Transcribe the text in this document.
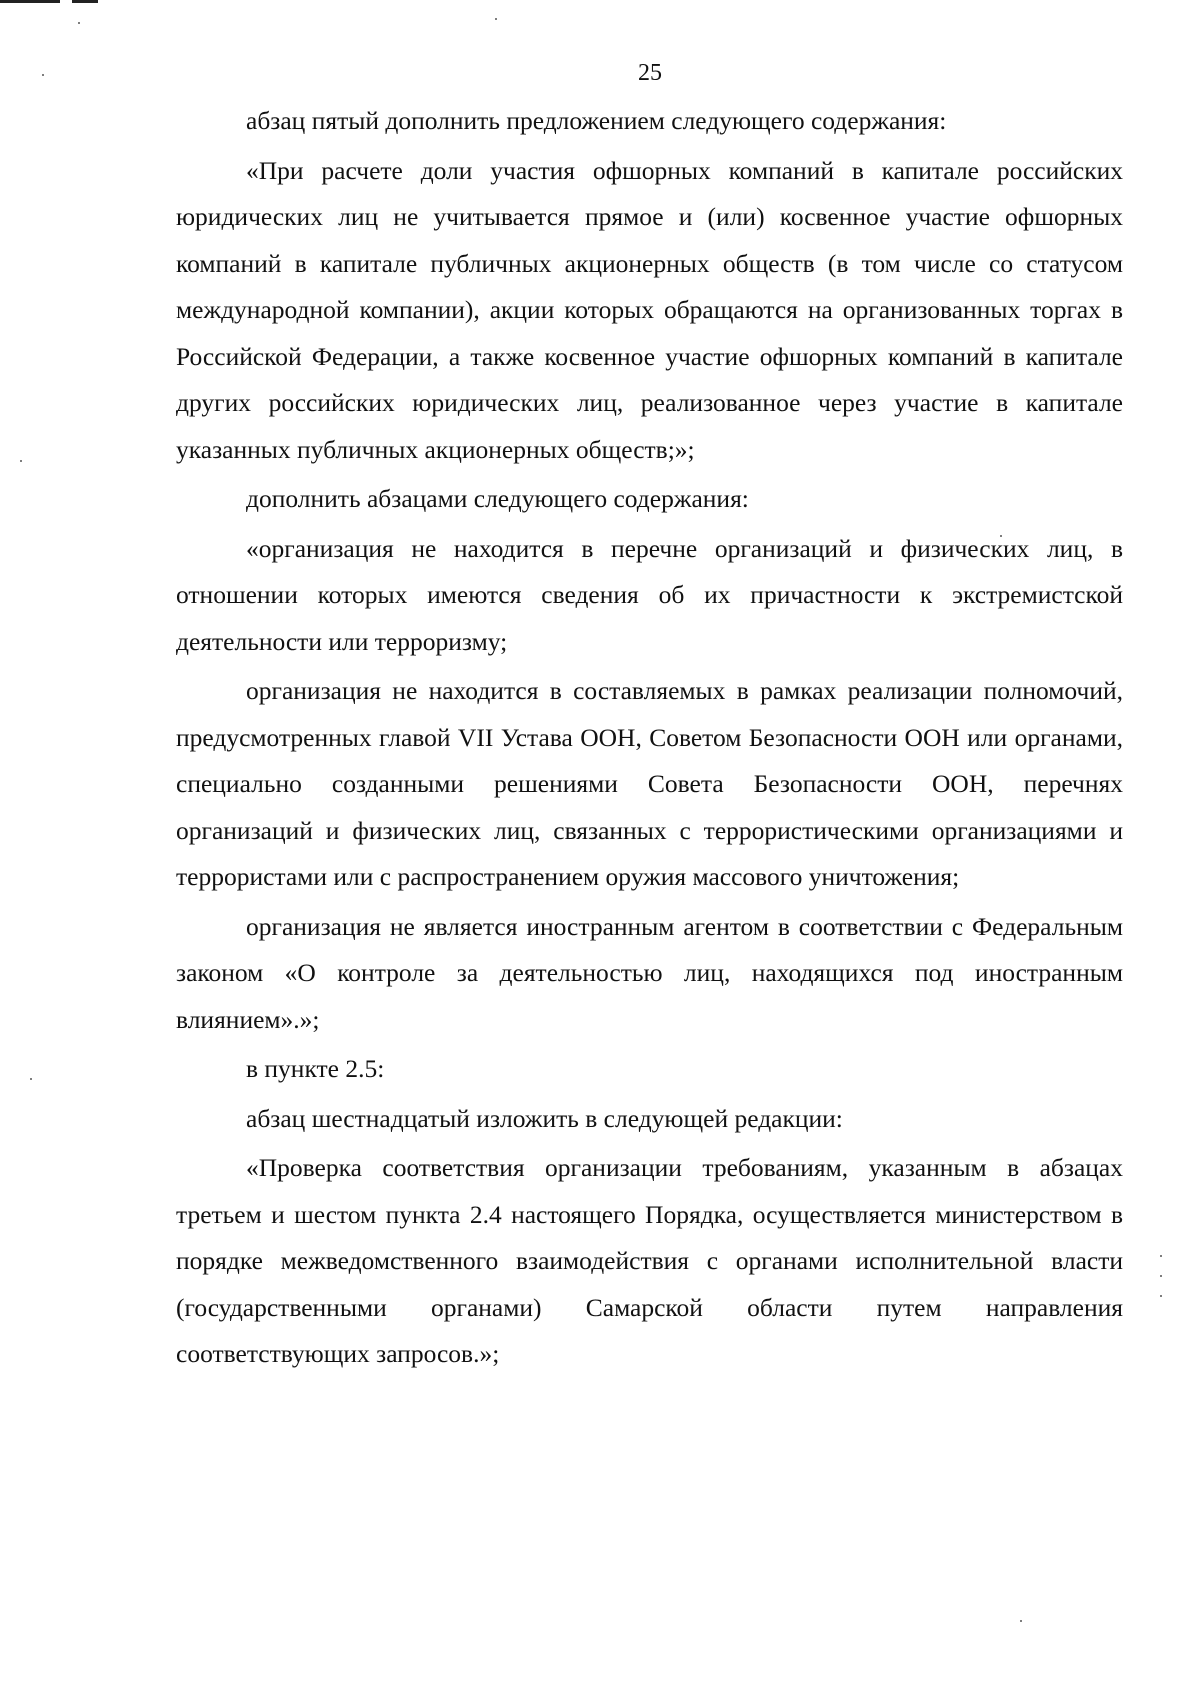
25

абзац пятый дополнить предложением следующего содержания:

«При расчете доли участия офшорных компаний в капитале российских юридических лиц не учитывается прямое и (или) косвенное участие офшорных компаний в капитале публичных акционерных обществ (в том числе со статусом международной компании), акции которых обращаются на организованных торгах в Российской Федерации, а также косвенное участие офшорных компаний в капитале других российских юридических лиц, реализованное через участие в капитале указанных публичных акционерных обществ;»;

дополнить абзацами следующего содержания:

«организация не находится в перечне организаций и физических лиц, в отношении которых имеются сведения об их причастности к экстремистской деятельности или терроризму;

организация не находится в составляемых в рамках реализации полномочий, предусмотренных главой VII Устава ООН, Советом Безопасности ООН или органами, специально созданными решениями Совета Безопасности ООН, перечнях организаций и физических лиц, связанных с террористическими организациями и террористами или с распространением оружия массового уничтожения;

организация не является иностранным агентом в соответствии с Федеральным законом «О контроле за деятельностью лиц, находящихся под иностранным влиянием».»;

в пункте 2.5:

абзац шестнадцатый изложить в следующей редакции:

«Проверка соответствия организации требованиям, указанным в абзацах третьем и шестом пункта 2.4 настоящего Порядка, осуществляется министерством в порядке межведомственного взаимодействия с органами исполнительной власти (государственными органами) Самарской области путем направления соответствующих запросов.»;
